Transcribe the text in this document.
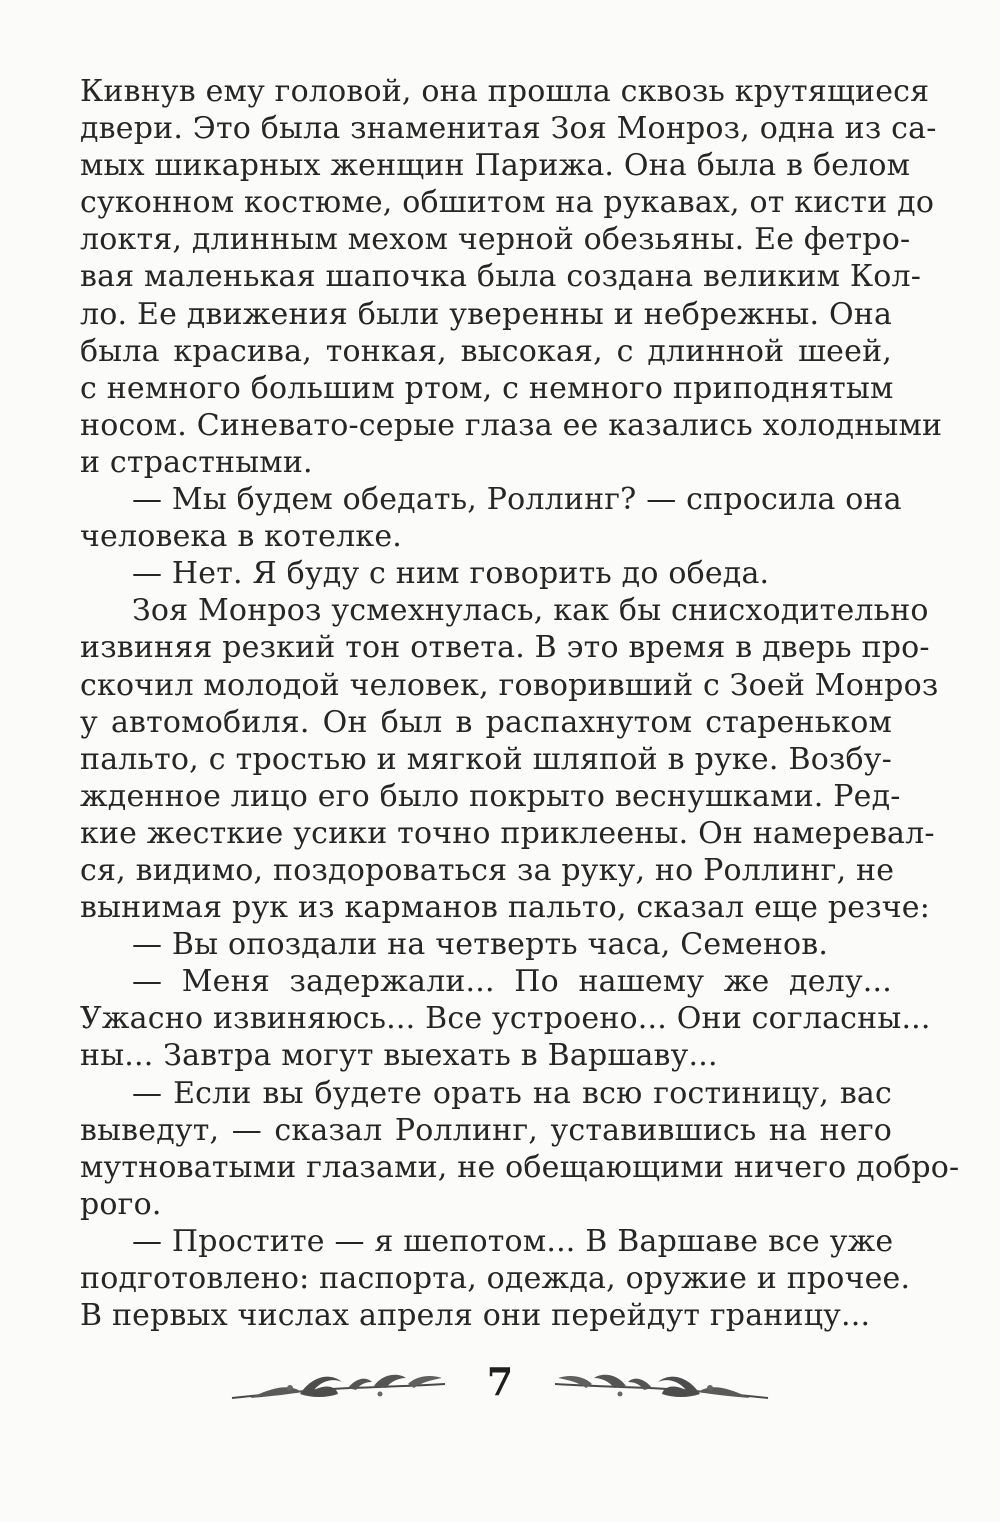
Кивнув ему головой, она прошла сквозь крутящиеся
двери. Это была знаменитая Зоя Монроз, одна из са-
мых шикарных женщин Парижа. Она была в белом
суконном костюме, обшитом на рукавах, от кисти до
локтя, длинным мехом черной обезьяны. Ее фетро-
вая маленькая шапочка была создана великим Кол-
ло. Ее движения были уверенны и небрежны. Она
была красива, тонкая, высокая, с длинной шеей,
с немного большим ртом, с немного приподнятым
носом. Синевато-серые глаза ее казались холодными
и страстными.
— Мы будем обедать, Роллинг? — спросила она
человека в котелке.
— Нет. Я буду с ним говорить до обеда.
Зоя Монроз усмехнулась, как бы снисходительно
извиняя резкий тон ответа. В это время в дверь про-
скочил молодой человек, говоривший с Зоей Монроз
у автомобиля. Он был в распахнутом стареньком
пальто, с тростью и мягкой шляпой в руке. Возбу-
жденное лицо его было покрыто веснушками. Ред-
кие жесткие усики точно приклеены. Он намеревал-
ся, видимо, поздороваться за руку, но Роллинг, не
вынимая рук из карманов пальто, сказал еще резче:
— Вы опоздали на четверть часа, Семенов.
— Меня задержали... По нашему же делу...
Ужасно извиняюсь... Все устроено... Они согласны...
ны... Завтра могут выехать в Варшаву...
— Если вы будете орать на всю гостиницу, вас
выведут, — сказал Роллинг, уставившись на него
мутноватыми глазами, не обещающими ничего добро-
рого.
— Простите — я шепотом... В Варшаве все уже
подготовлено: паспорта, одежда, оружие и прочее.
В первых числах апреля они перейдут границу...
7
